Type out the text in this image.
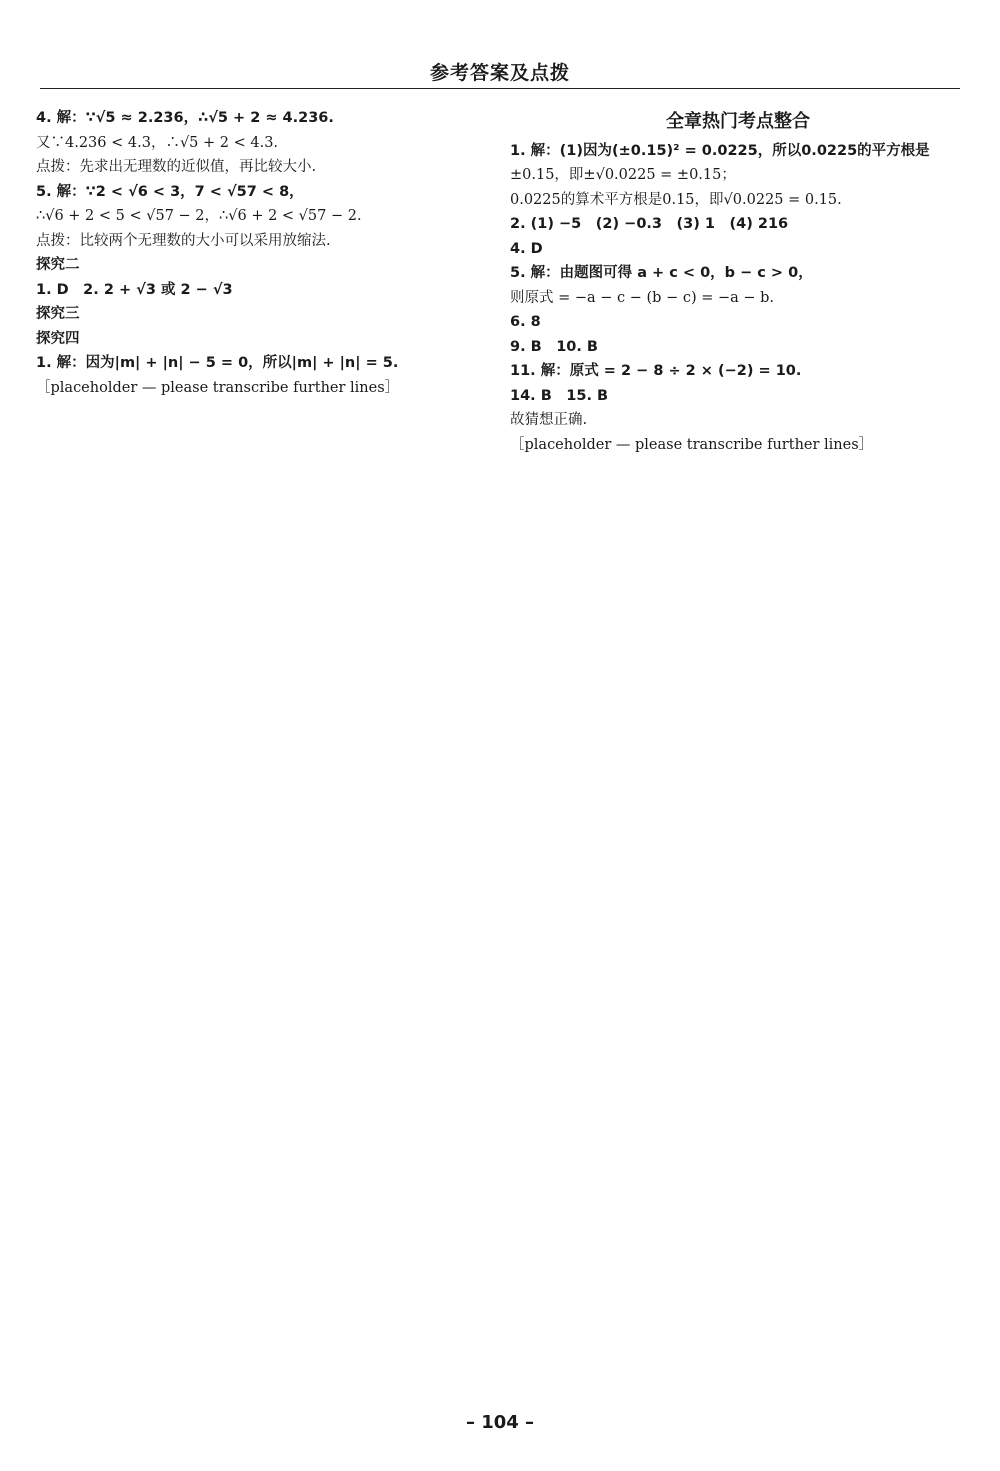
参考答案及点拨
4. 解：∵√5 ≈ 2.236，∴√5 + 2 ≈ 4.236.
又∵4.236 < 4.3，∴√5 + 2 < 4.3.
点拨：先求出无理数的近似值，再比较大小.
5. 解：∵2 < √6 < 3，7 < √57 < 8，
∴√6 + 2 < 5 < √57 − 2，∴√6 + 2 < √57 − 2.
点拨：比较两个无理数的大小可以采用放缩法.
探究二
1. D　2. 2 + √3 或 2 − √3
探究三
探究四
1. 解：因为|m| + |n| − 5 = 0，所以|m| + |n| = 5.
［placeholder — please transcribe further lines］
全章热门考点整合
1. 解：(1)因为(±0.15)² = 0.0225，所以0.0225的平方根是
±0.15，即±√0.0225 = ±0.15；
0.0225的算术平方根是0.15，即√0.0225 = 0.15.
2. (1) −5　(2) −0.3　(3) 1　(4) 216
4. D
5. 解：由题图可得 a + c < 0，b − c > 0，
则原式 = −a − c − (b − c) = −a − b.
6. 8
9. B　10. B
11. 解：原式 = 2 − 8 ÷ 2 × (−2) = 10.
14. B　15. B
故猜想正确.
［placeholder — please transcribe further lines］
– 104 –
